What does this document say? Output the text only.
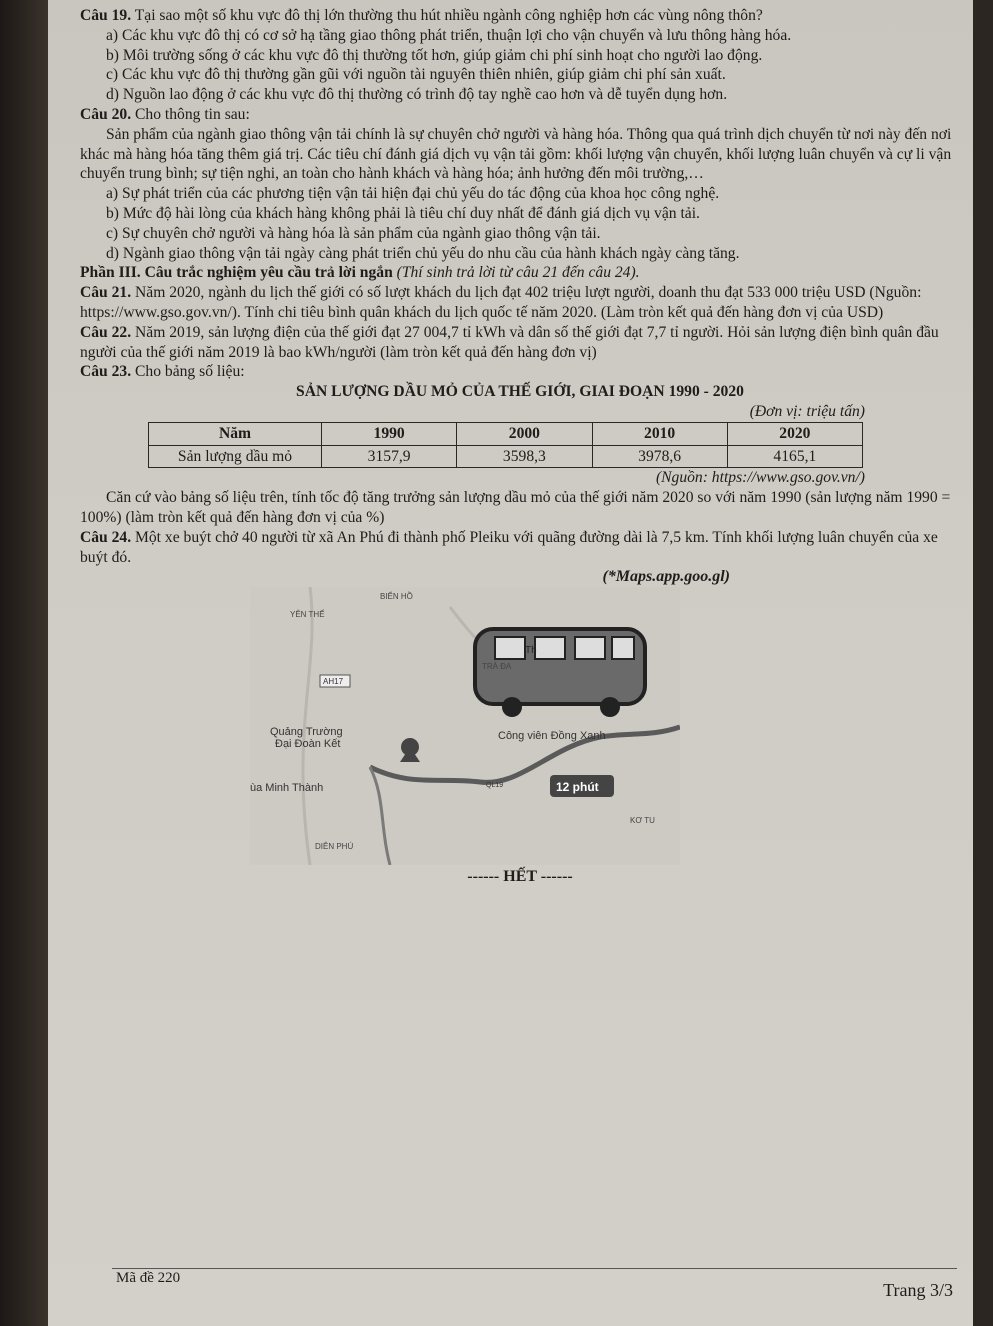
Câu 19. Tại sao một số khu vực đô thị lớn thường thu hút nhiều ngành công nghiệp hơn các vùng nông thôn?

a) Các khu vực đô thị có cơ sở hạ tầng giao thông phát triển, thuận lợi cho vận chuyển và lưu thông hàng hóa.

b) Môi trường sống ở các khu vực đô thị thường tốt hơn, giúp giảm chi phí sinh hoạt cho người lao động.

c) Các khu vực đô thị thường gần gũi với nguồn tài nguyên thiên nhiên, giúp giảm chi phí sản xuất.

d) Nguồn lao động ở các khu vực đô thị thường có trình độ tay nghề cao hơn và dễ tuyển dụng hơn.

Câu 20. Cho thông tin sau:

Sản phẩm của ngành giao thông vận tải chính là sự chuyên chở người và hàng hóa. Thông qua quá trình dịch chuyển từ nơi này đến nơi khác mà hàng hóa tăng thêm giá trị. Các tiêu chí đánh giá dịch vụ vận tải gồm: khối lượng vận chuyển, khối lượng luân chuyển và cự li vận chuyển trung bình; sự tiện nghi, an toàn cho hành khách và hàng hóa; ảnh hưởng đến môi trường,…

a) Sự phát triển của các phương tiện vận tải hiện đại chủ yếu do tác động của khoa học công nghệ.

b) Mức độ hài lòng của khách hàng không phải là tiêu chí duy nhất để đánh giá dịch vụ vận tải.

c) Sự chuyên chở người và hàng hóa là sản phẩm của ngành giao thông vận tải.

d) Ngành giao thông vận tải ngày càng phát triển chủ yếu do nhu cầu của hành khách ngày càng tăng.

Phần III. Câu trắc nghiệm yêu cầu trả lời ngắn (Thí sinh trả lời từ câu 21 đến câu 24).

Câu 21. Năm 2020, ngành du lịch thế giới có số lượt khách du lịch đạt 402 triệu lượt người, doanh thu đạt 533 000 triệu USD (Nguồn: https://www.gso.gov.vn/). Tính chi tiêu bình quân khách du lịch quốc tế năm 2020. (Làm tròn kết quả đến hàng đơn vị của USD)

Câu 22. Năm 2019, sản lượng điện của thế giới đạt 27 004,7 tỉ kWh và dân số thế giới đạt 7,7 tỉ người. Hỏi sản lượng điện bình quân đầu người của thế giới năm 2019 là bao kWh/người (làm tròn kết quả đến hàng đơn vị)

Câu 23. Cho bảng số liệu:

SẢN LƯỢNG DẦU MỎ CỦA THẾ GIỚI, GIAI ĐOẠN 1990 - 2020

(Đơn vị: triệu tấn)

Năm	1990	2000	2010	2020
Sản lượng dầu mỏ	3157,9	3598,3	3978,6	4165,1

(Nguồn: https://www.gso.gov.vn/)

Căn cứ vào bảng số liệu trên, tính tốc độ tăng trưởng sản lượng dầu mỏ của thế giới năm 2020 so với năm 1990 (sản lượng năm 1990 = 100%) (làm tròn kết quả đến hàng đơn vị của %)

Câu 24. Một xe buýt chở 40 người từ xã An Phú đi thành phố Pleiku với quãng đường dài là 7,5 km. Tính khối lượng luân chuyển của xe buýt đó.

(*Maps.app.goo.gl)
BIỂN HỒ
YÊN THẾ
TRÀ ĐA
Th
AH17
Quảng Trường
Đại Đoàn Kết
Công viên Đồng Xanh
ùa Minh Thành	QL19	12 phút
KƠ TU
DIÊN PHÚ

------ HẾT ------

Mã đề 220
Trang 3/3
